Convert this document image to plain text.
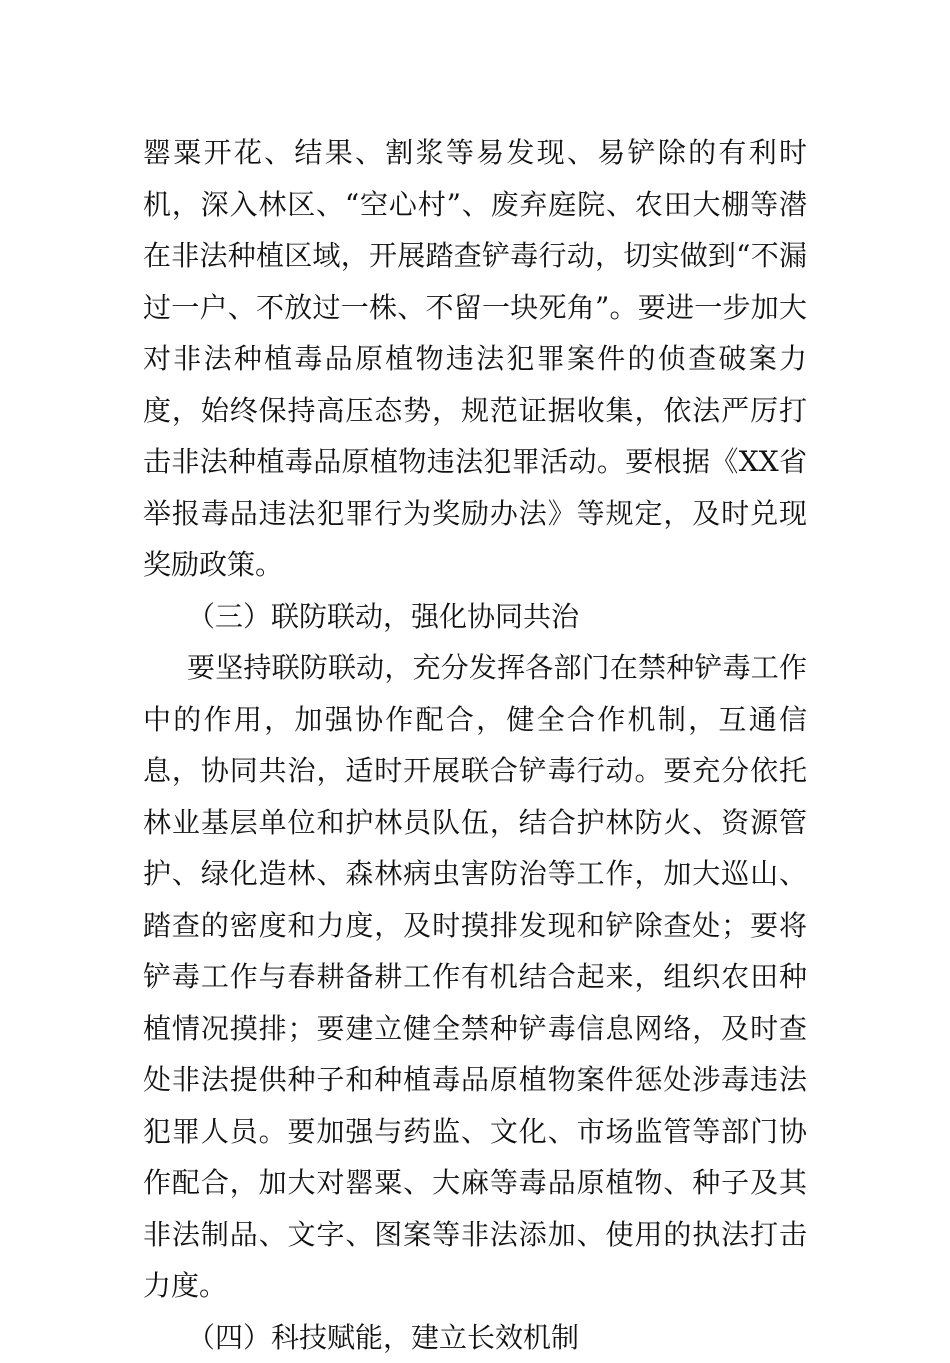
罂粟开花、结果、割浆等易发现、易铲除的有利时机，深入林区、“空心村”、废弃庭院、农田大棚等潜在非法种植区域，开展踏查铲毒行动，切实做到“不漏过一户、不放过一株、不留一块死角”。要进一步加大对非法种植毒品原植物违法犯罪案件的侦查破案力度，始终保持高压态势，规范证据收集，依法严厉打击非法种植毒品原植物违法犯罪活动。要根据《XX省举报毒品违法犯罪行为奖励办法》等规定，及时兑现奖励政策。

（三）联防联动，强化协同共治

要坚持联防联动，充分发挥各部门在禁种铲毒工作中的作用，加强协作配合，健全合作机制，互通信息，协同共治，适时开展联合铲毒行动。要充分依托林业基层单位和护林员队伍，结合护林防火、资源管护、绿化造林、森林病虫害防治等工作，加大巡山、踏查的密度和力度，及时摸排发现和铲除查处；要将铲毒工作与春耕备耕工作有机结合起来，组织农田种植情况摸排；要建立健全禁种铲毒信息网络，及时查处非法提供种子和种植毒品原植物案件惩处涉毒违法犯罪人员。要加强与药监、文化、市场监管等部门协作配合，加大对罂粟、大麻等毒品原植物、种子及其非法制品、文字、图案等非法添加、使用的执法打击力度。

（四）科技赋能，建立长效机制
